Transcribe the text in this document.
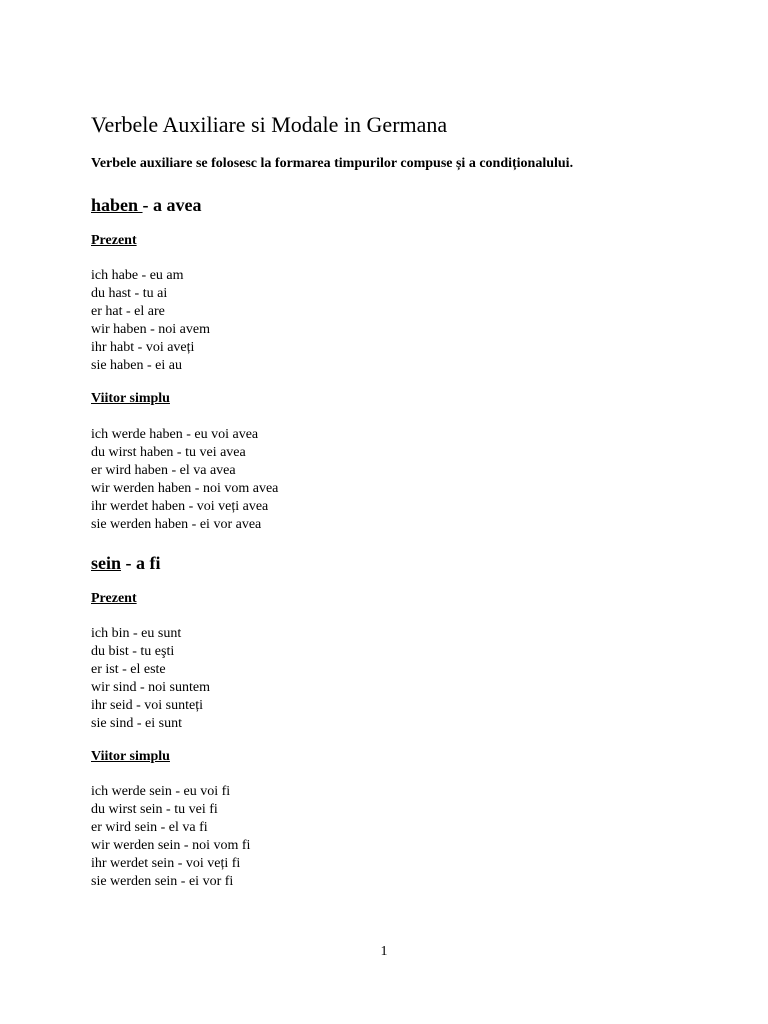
Verbele Auxiliare si Modale in Germana
Verbele auxiliare se folosesc la formarea timpurilor compuse și a condiționalului.
haben - a avea
Prezent
ich habe - eu am
du hast - tu ai
er hat - el are
wir haben - noi avem
ihr habt - voi aveți
sie haben - ei au
Viitor simplu
ich werde haben - eu voi avea
du wirst haben - tu vei avea
er wird haben - el va avea
wir werden haben - noi vom avea
ihr werdet haben - voi veți avea
sie werden haben - ei vor avea
sein - a fi
Prezent
ich bin - eu sunt
du bist - tu eşti
er ist - el este
wir sind - noi suntem
ihr seid - voi sunteți
sie sind - ei sunt
Viitor simplu
ich werde sein - eu voi fi
du wirst sein - tu vei fi
er wird sein - el va fi
wir werden sein - noi vom fi
ihr werdet sein - voi veți fi
sie werden sein - ei vor fi
1
